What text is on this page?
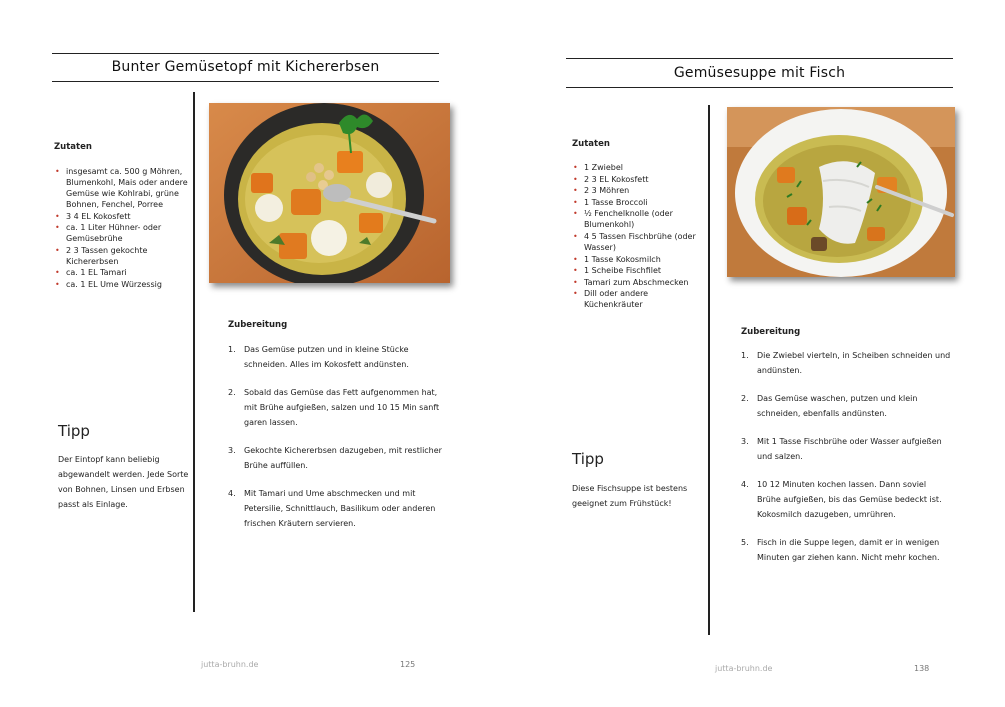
Bunter Gemüsetopf mit Kichererbsen
Zutaten
• insgesamt ca. 500 g Möhren, Blumenkohl, Mais oder andere Gemüse wie Kohlrabi, grüne Bohnen, Fenchel, Porree
• 3 4 EL Kokosfett
• ca. 1 Liter Hühner- oder Gemüsebrühe
• 2 3 Tassen gekochte Kichererbsen
• ca. 1 EL Tamari
• ca. 1 EL Ume Würzessig
Zubereitung
1. Das Gemüse putzen und in kleine Stücke schneiden. Alles im Kokosfett andünsten.
2. Sobald das Gemüse das Fett aufgenommen hat, mit Brühe aufgießen, salzen und 10 15 Min sanft garen lassen.
3. Gekochte Kichererbsen dazugeben, mit restlicher Brühe auffüllen.
4. Mit Tamari und Ume abschmecken und mit Petersilie, Schnittlauch, Basilikum oder anderen frischen Kräutern servieren.
Tipp
Der Eintopf kann beliebig abgewandelt werden. Jede Sorte von Bohnen, Linsen und Erbsen passt als Einlage.
jutta-bruhn.de	125
Gemüsesuppe mit Fisch
Zutaten
• 1 Zwiebel
• 2 3 EL Kokosfett
• 2 3 Möhren
• 1 Tasse Broccoli
• ½ Fenchelknolle (oder Blumenkohl)
• 4 5 Tassen Fischbrühe (oder Wasser)
• 1 Tasse Kokosmilch
• 1 Scheibe Fischfilet
• Tamari zum Abschmecken
• Dill oder andere Küchenkräuter
Zubereitung
1. Die Zwiebel vierteln, in Scheiben schneiden und andünsten.
2. Das Gemüse waschen, putzen und klein schneiden, ebenfalls andünsten.
3. Mit 1 Tasse Fischbrühe oder Wasser aufgießen und salzen.
4. 10 12 Minuten kochen lassen. Dann soviel Brühe aufgießen, bis das Gemüse bedeckt ist. Kokosmilch dazugeben, umrühren.
5. Fisch in die Suppe legen, damit er in wenigen Minuten gar ziehen kann. Nicht mehr kochen.
Tipp
Diese Fischsuppe ist bestens geeignet zum Frühstück!
jutta-bruhn.de	138
